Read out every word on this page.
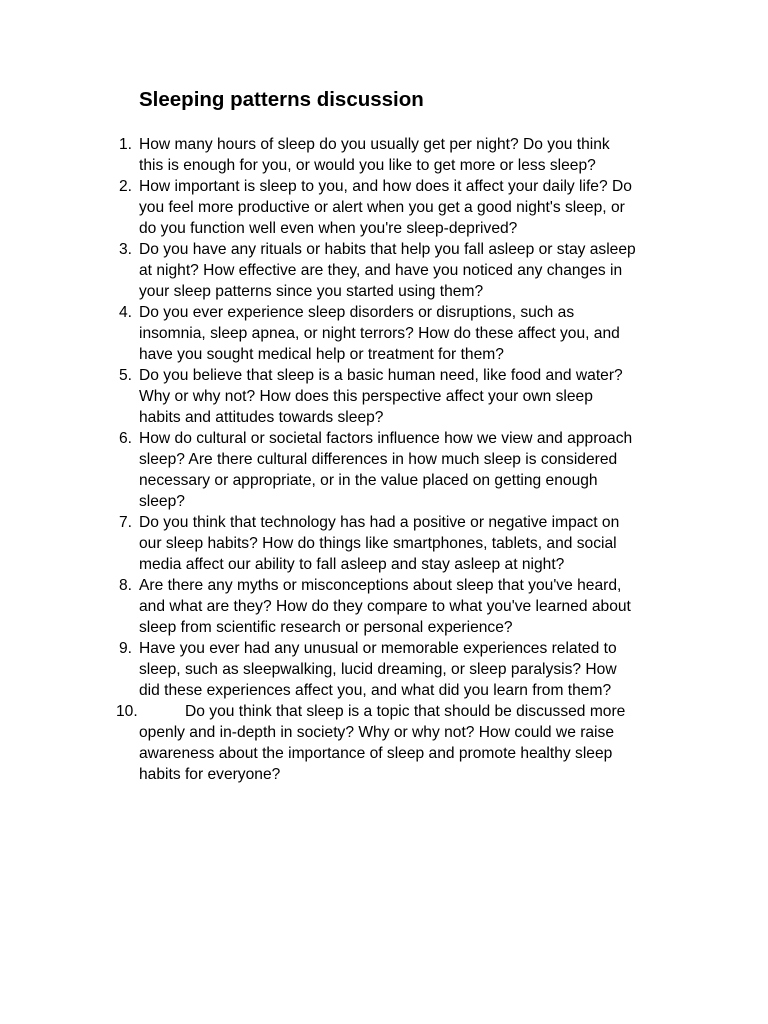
Sleeping patterns discussion
1. How many hours of sleep do you usually get per night? Do you think
this is enough for you, or would you like to get more or less sleep?
2. How important is sleep to you, and how does it affect your daily life? Do
you feel more productive or alert when you get a good night's sleep, or
do you function well even when you're sleep-deprived?
3. Do you have any rituals or habits that help you fall asleep or stay asleep
at night? How effective are they, and have you noticed any changes in
your sleep patterns since you started using them?
4. Do you ever experience sleep disorders or disruptions, such as
insomnia, sleep apnea, or night terrors? How do these affect you, and
have you sought medical help or treatment for them?
5. Do you believe that sleep is a basic human need, like food and water?
Why or why not? How does this perspective affect your own sleep
habits and attitudes towards sleep?
6. How do cultural or societal factors influence how we view and approach
sleep? Are there cultural differences in how much sleep is considered
necessary or appropriate, or in the value placed on getting enough
sleep?
7. Do you think that technology has had a positive or negative impact on
our sleep habits? How do things like smartphones, tablets, and social
media affect our ability to fall asleep and stay asleep at night?
8. Are there any myths or misconceptions about sleep that you've heard,
and what are they? How do they compare to what you've learned about
sleep from scientific research or personal experience?
9. Have you ever had any unusual or memorable experiences related to
sleep, such as sleepwalking, lucid dreaming, or sleep paralysis? How
did these experiences affect you, and what did you learn from them?
10.	Do you think that sleep is a topic that should be discussed more
openly and in-depth in society? Why or why not? How could we raise
awareness about the importance of sleep and promote healthy sleep
habits for everyone?
